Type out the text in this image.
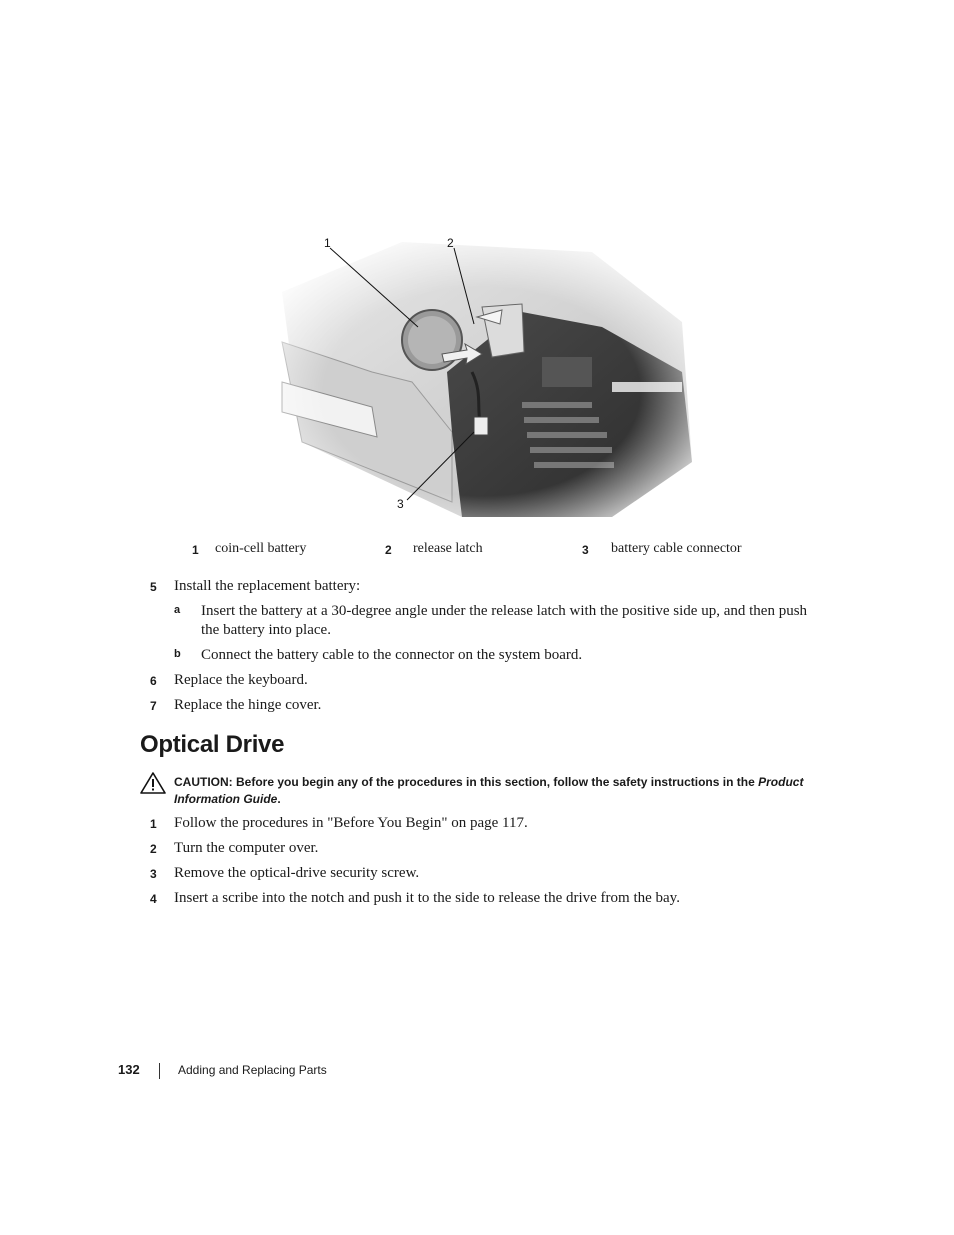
1	2
3
1 coin-cell battery	2 release latch	3 battery cable connector
5 Install the replacement battery:
a Insert the battery at a 30-degree angle under the release latch with the positive side up, and then push the battery into place.
b Connect the battery cable to the connector on the system board.
6 Replace the keyboard.
7 Replace the hinge cover.
Optical Drive
CAUTION: Before you begin any of the procedures in this section, follow the safety instructions in the Product Information Guide.
1 Follow the procedures in "Before You Begin" on page 117.
2 Turn the computer over.
3 Remove the optical-drive security screw.
4 Insert a scribe into the notch and push it to the side to release the drive from the bay.
132	Adding and Replacing Parts
